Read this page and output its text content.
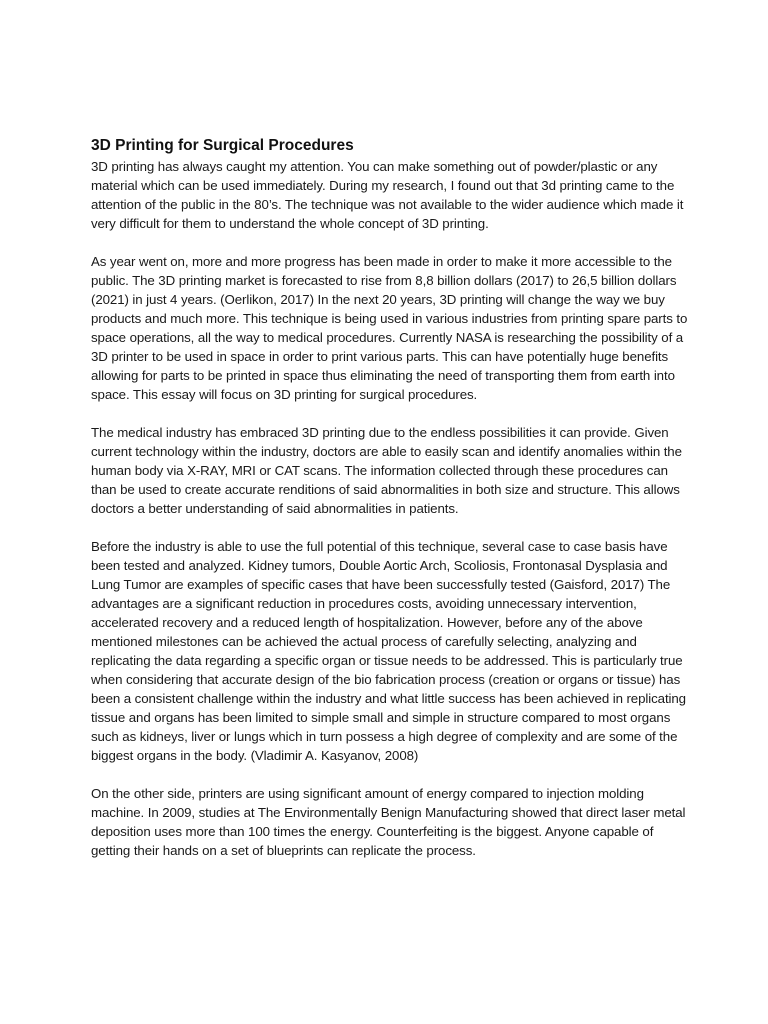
3D Printing for Surgical Procedures

3D printing has always caught my attention. You can make something out of powder/plastic or any material which can be used immediately. During my research, I found out that 3d printing came to the attention of the public in the 80’s. The technique was not available to the wider audience which made it very difficult for them to understand the whole concept of 3D printing.

As year went on, more and more progress has been made in order to make it more accessible to the public. The 3D printing market is forecasted to rise from 8,8 billion dollars (2017) to 26,5 billion dollars (2021) in just 4 years. (Oerlikon, 2017) In the next 20 years, 3D printing will change the way we buy products and much more. This technique is being used in various industries from printing spare parts to space operations, all the way to medical procedures. Currently NASA is researching the possibility of a 3D printer to be used in space in order to print various parts. This can have potentially huge benefits allowing for parts to be printed in space thus eliminating the need of transporting them from earth into space. This essay will focus on 3D printing for surgical procedures.

The medical industry has embraced 3D printing due to the endless possibilities it can provide. Given current technology within the industry, doctors are able to easily scan and identify anomalies within the human body via X-RAY, MRI or CAT scans. The information collected through these procedures can than be used to create accurate renditions of said abnormalities in both size and structure. This allows doctors a better understanding of said abnormalities in patients.

Before the industry is able to use the full potential of this technique, several case to case basis have been tested and analyzed. Kidney tumors, Double Aortic Arch, Scoliosis, Frontonasal Dysplasia and Lung Tumor are examples of specific cases that have been successfully tested (Gaisford, 2017) The advantages are a significant reduction in procedures costs, avoiding unnecessary intervention, accelerated recovery and a reduced length of hospitalization. However, before any of the above mentioned milestones can be achieved the actual process of carefully selecting, analyzing and replicating the data regarding a specific organ or tissue needs to be addressed. This is particularly true when considering that accurate design of the bio fabrication process (creation or organs or tissue) has been a consistent challenge within the industry and what little success has been achieved in replicating tissue and organs has been limited to simple small and simple in structure compared to most organs such as kidneys, liver or lungs which in turn possess a high degree of complexity and are some of the biggest organs in the body. (Vladimir A. Kasyanov, 2008)

On the other side, printers are using significant amount of energy compared to injection molding machine. In 2009, studies at The Environmentally Benign Manufacturing showed that direct laser metal deposition uses more than 100 times the energy. Counterfeiting is the biggest. Anyone capable of getting their hands on a set of blueprints can replicate the process.
